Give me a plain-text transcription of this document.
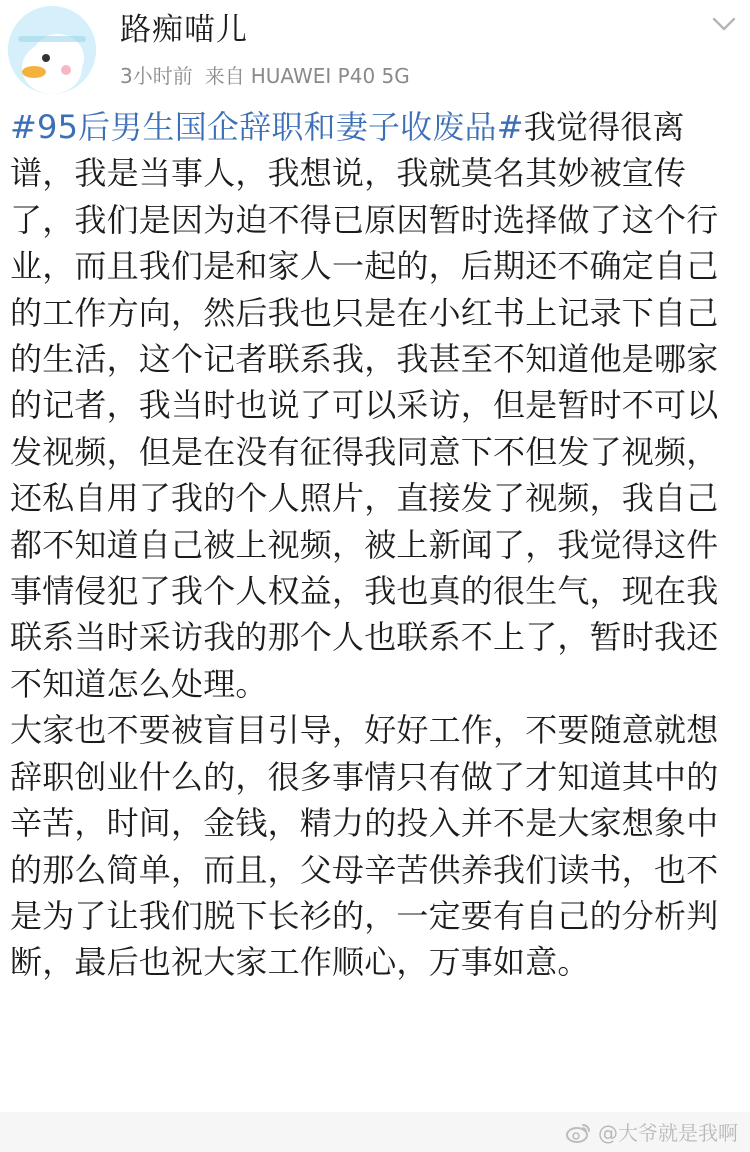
路痴喵儿
3小时前 来自 HUAWEI P40 5G

#95后男生国企辞职和妻子收废品#我觉得很离谱，我是当事人，我想说，我就莫名其妙被宣传了，我们是因为迫不得已原因暂时选择做了这个行业，而且我们是和家人一起的，后期还不确定自己的工作方向，然后我也只是在小红书上记录下自己的生活，这个记者联系我，我甚至不知道他是哪家的记者，我当时也说了可以采访，但是暂时不可以发视频，但是在没有征得我同意下不但发了视频，还私自用了我的个人照片，直接发了视频，我自己都不知道自己被上视频，被上新闻了，我觉得这件事情侵犯了我个人权益，我也真的很生气，现在我联系当时采访我的那个人也联系不上了，暂时我还不知道怎么处理。

大家也不要被盲目引导，好好工作，不要随意就想辞职创业什么的，很多事情只有做了才知道其中的辛苦，时间，金钱，精力的投入并不是大家想象中的那么简单，而且，父母辛苦供养我们读书，也不是为了让我们脱下长衫的，一定要有自己的分析判断，最后也祝大家工作顺心，万事如意。

@大爷就是我啊
